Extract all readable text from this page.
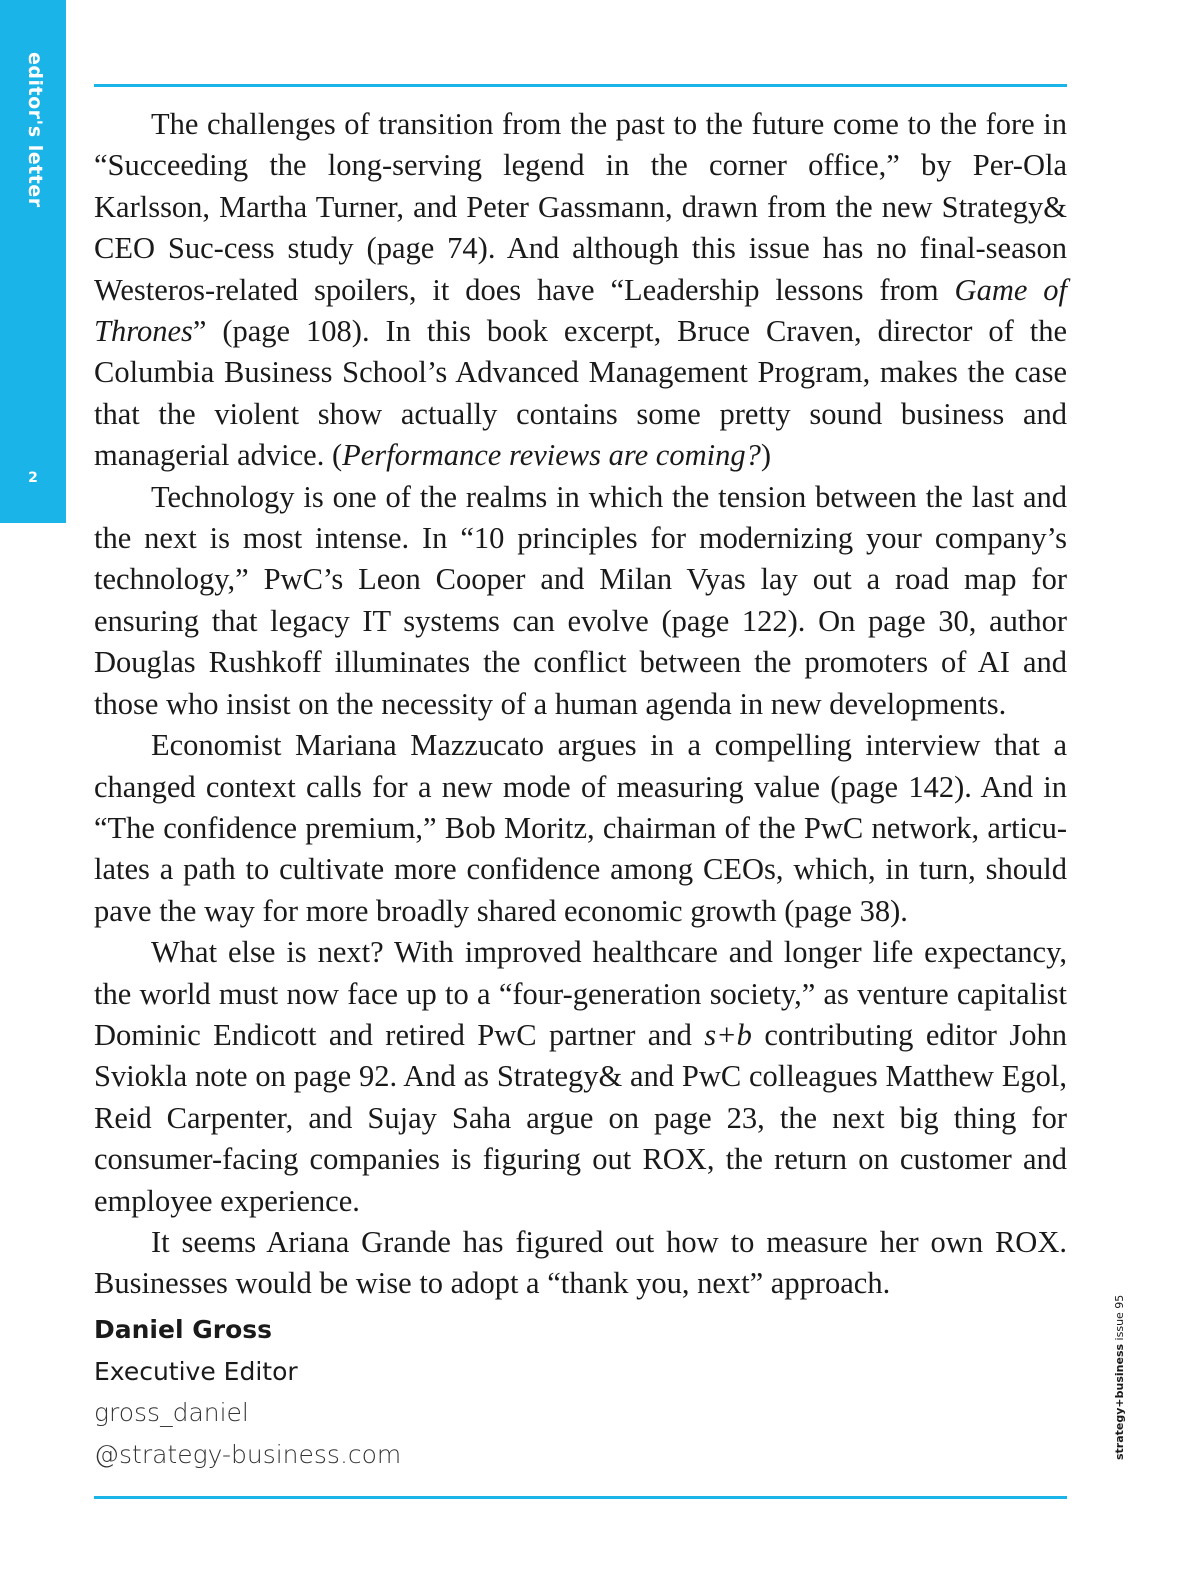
editor's letter
2

The challenges of transition from the past to the future come to the fore in “Succeeding the long-serving legend in the corner office,” by Per-Ola Karlsson, Martha Turner, and Peter Gassmann, drawn from the new Strategy& CEO Suc-cess study (page 74). And although this issue has no final-season Westeros-related spoilers, it does have “Leadership lessons from Game of Thrones” (page 108). In this book excerpt, Bruce Craven, director of the Columbia Business School’s Advanced Management Program, makes the case that the violent show actually contains some pretty sound business and managerial advice. (Performance reviews are coming?)

Technology is one of the realms in which the tension between the last and the next is most intense. In “10 principles for modernizing your company’s technology,” PwC’s Leon Cooper and Milan Vyas lay out a road map for ensuring that legacy IT systems can evolve (page 122). On page 30, author Douglas Rushkoff illuminates the conflict between the promoters of AI and those who insist on the necessity of a human agenda in new developments.

Economist Mariana Mazzucato argues in a compelling interview that a changed context calls for a new mode of measuring value (page 142). And in “The confidence premium,” Bob Moritz, chairman of the PwC network, articulates a path to cultivate more confidence among CEOs, which, in turn, should pave the way for more broadly shared economic growth (page 38).

What else is next? With improved healthcare and longer life expectancy, the world must now face up to a “four-generation society,” as venture capitalist Dominic Endicott and retired PwC partner and s+b contributing editor John Sviokla note on page 92. And as Strategy& and PwC colleagues Matthew Egol, Reid Carpenter, and Sujay Saha argue on page 23, the next big thing for consumer-facing companies is figuring out ROX, the return on customer and employee experience.

It seems Ariana Grande has figured out how to measure her own ROX. Businesses would be wise to adopt a “thank you, next” approach.

Daniel Gross
Executive Editor
gross_daniel
@strategy-business.com	strategy+business issue 95
